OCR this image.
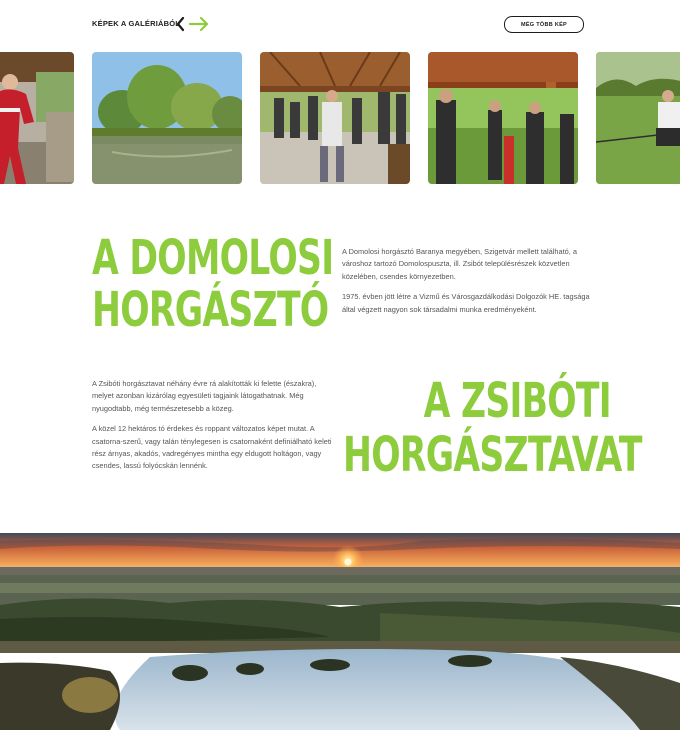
KÉPEK A GALÉRIÁBÓL	MÉG TÖBB KÉP
A DOMOLOSI
HORGÁSZTÓ

A Domolosi horgásztó Baranya megyében, Szigetvár mellett található, a városhoz tartozó Domolospuszta, ill. Zsibót településrészek közvetlen közelében, csendes környezetben.

1975. évben jött létre a Vizmű és Városgazdálkodási Dolgozók HE. tagsága által végzett nagyon sok társadalmi munka eredményeként.

A Zsibóti horgásztavat néhány évre rá alakították ki felette (északra), melyet azonban kizárólag egyesületi tagjaink látogathatnak. Még nyugodtabb, még természetesebb a közeg.

A közel 12 hektáros tó érdekes és roppant változatos képet mutat. A csatorna-szerű, vagy talán ténylegesen is csatornaként definiálható keleti rész árnyas, akadós, vadregényes mintha egy eldugott holtágon, vagy csendes, lassú folyócskán lennénk.

A ZSIBÓTI
HORGÁSZTAVAT
